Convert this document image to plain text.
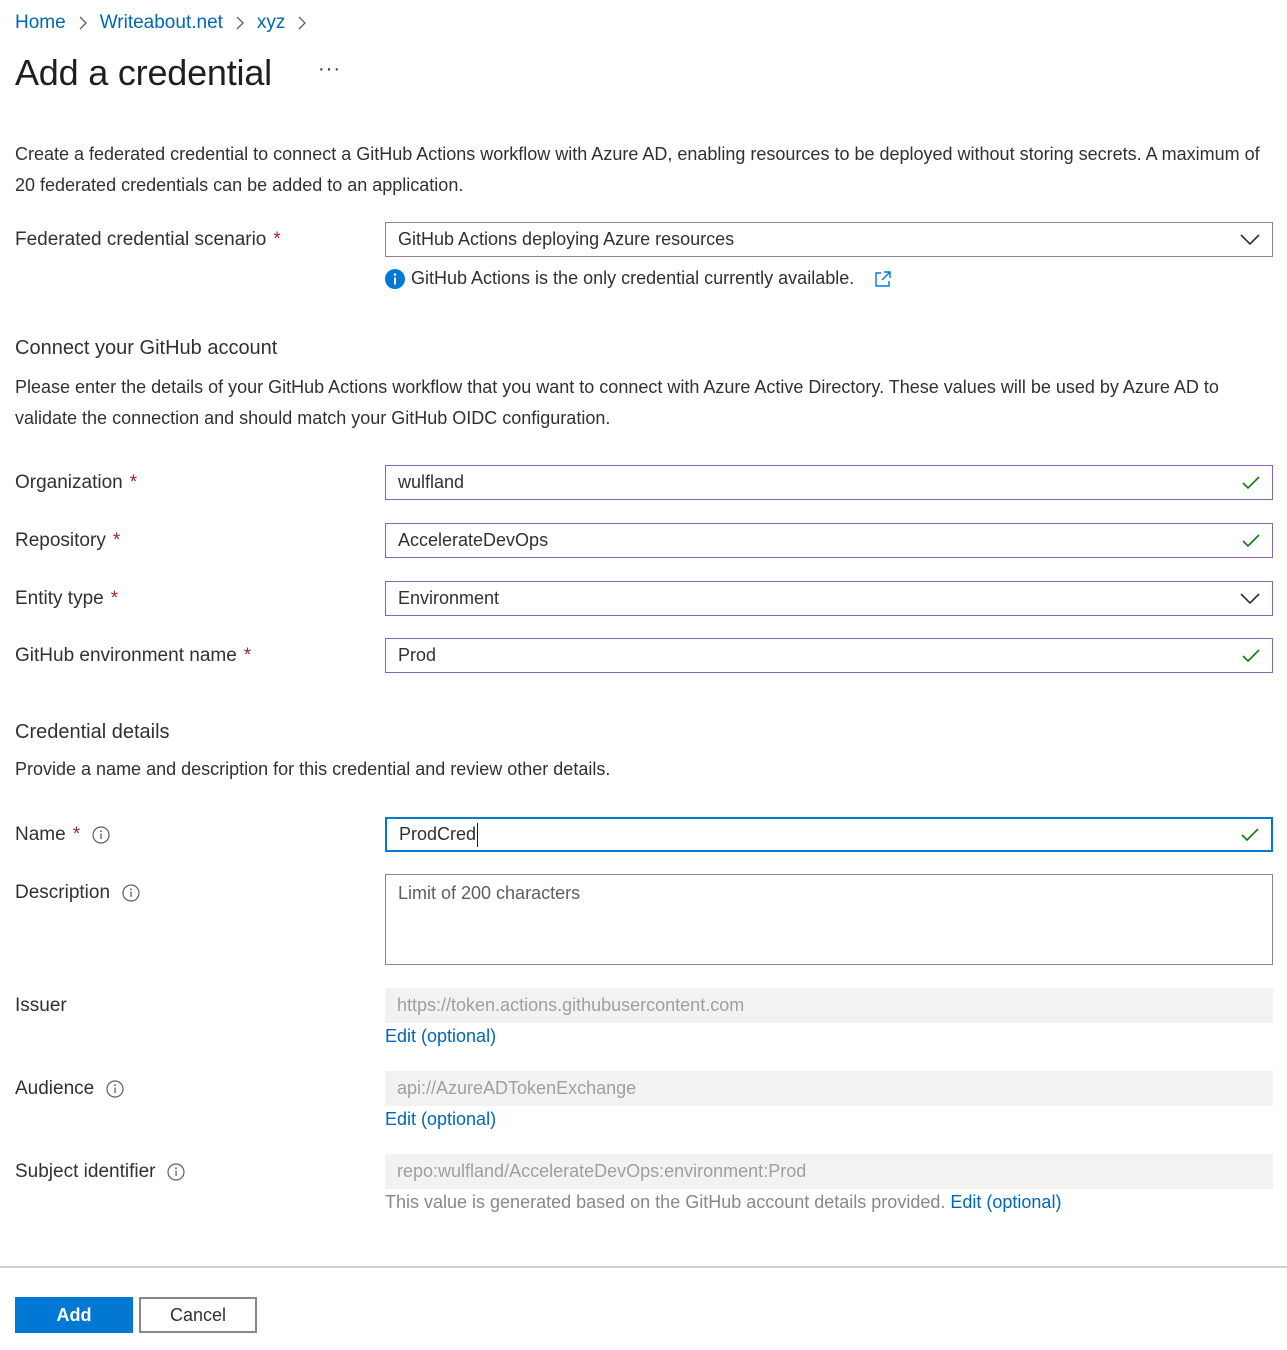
Home Writeabout.net xyz
Add a credential ···
Create a federated credential to connect a GitHub Actions workflow with Azure AD, enabling resources to be deployed without storing secrets. A maximum of 20 federated credentials can be added to an application.
Federated credential scenario *	GitHub Actions deploying Azure resources
GitHub Actions is the only credential currently available.
Connect your GitHub account
Please enter the details of your GitHub Actions workflow that you want to connect with Azure Active Directory. These values will be used by Azure AD to validate the connection and should match your GitHub OIDC configuration.
Organization *	wulfland
Repository *	AccelerateDevOps
Entity type *	Environment
GitHub environment name *	Prod
Credential details
Provide a name and description for this credential and review other details.
Name *	ProdCred
Description	Limit of 200 characters
Issuer	https://token.actions.githubusercontent.com
Edit (optional)
Audience	api://AzureADTokenExchange
Edit (optional)
Subject identifier	repo:wulfland/AccelerateDevOps:environment:Prod
This value is generated based on the GitHub account details provided. Edit (optional)
Add	Cancel
